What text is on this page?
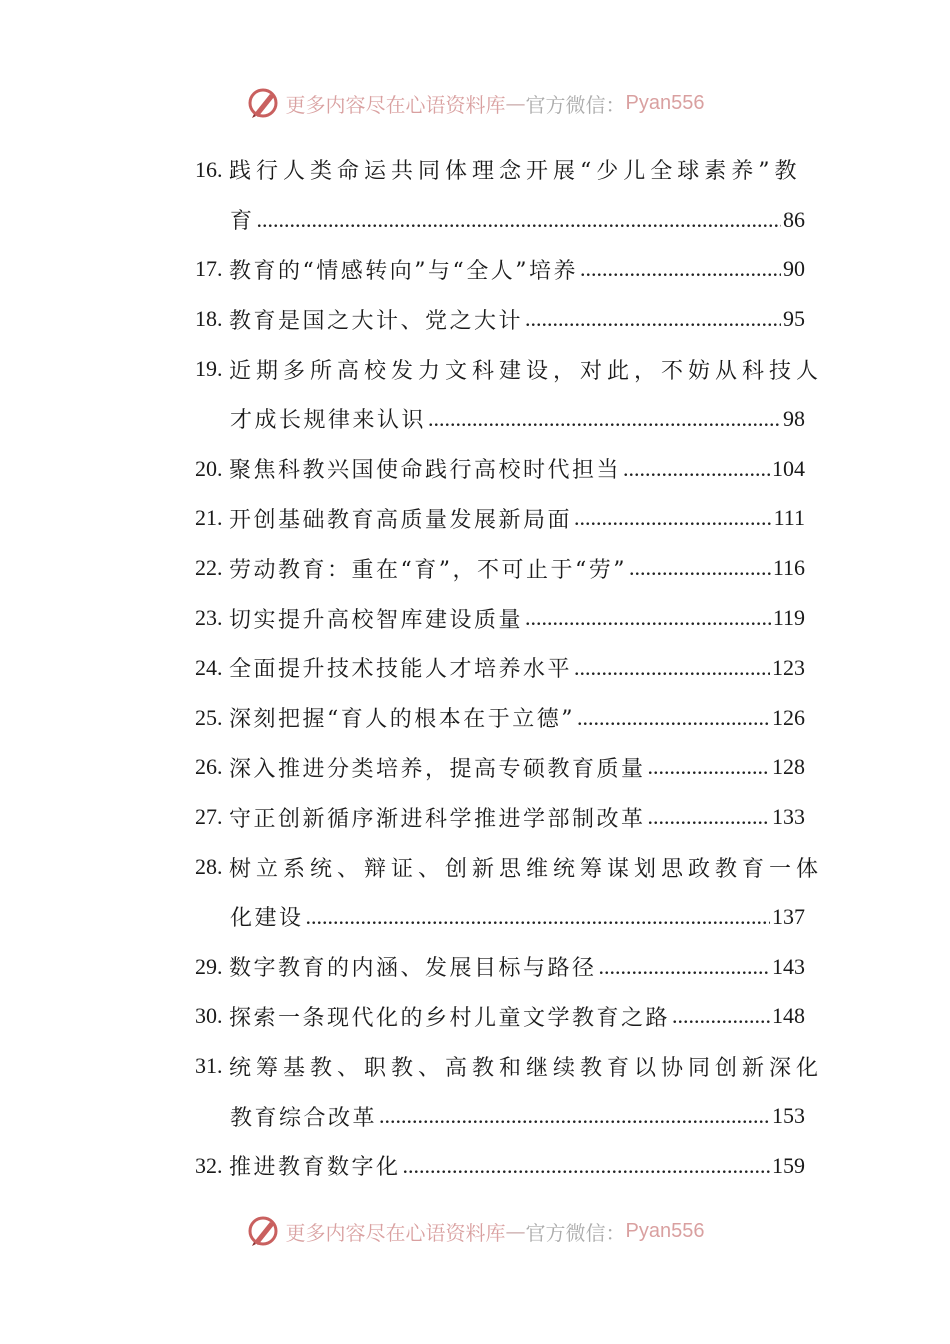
更多内容尽在心语资料库 — 官方微信： Pyan556
16. 践行人类命运共同体理念开展“少儿全球素养”教
育 .....	86
17. 教育的“情感转向”与“全人”培养 .....	90
18. 教育是国之大计、党之大计 .....	95
19. 近期多所高校发力文科建设，对此，不妨从科技人
才成长规律来认识 .....	98
20. 聚焦科教兴国使命践行高校时代担当 .....	104
21. 开创基础教育高质量发展新局面 .....	111
22. 劳动教育：重在“育”，不可止于“劳” .....	116
23. 切实提升高校智库建设质量 .....	119
24. 全面提升技术技能人才培养水平 .....	123
25. 深刻把握“育人的根本在于立德” .....	126
26. 深入推进分类培养，提高专硕教育质量 .....	128
27. 守正创新循序渐进科学推进学部制改革 .....	133
28. 树立系统、辩证、创新思维统筹谋划思政教育一体
化建设 .....	137
29. 数字教育的内涵、发展目标与路径 .....	143
30. 探索一条现代化的乡村儿童文学教育之路 .....	148
31. 统筹基教、职教、高教和继续教育以协同创新深化
教育综合改革 .....	153
32. 推进教育数字化 .....	159
更多内容尽在心语资料库 — 官方微信： Pyan556
